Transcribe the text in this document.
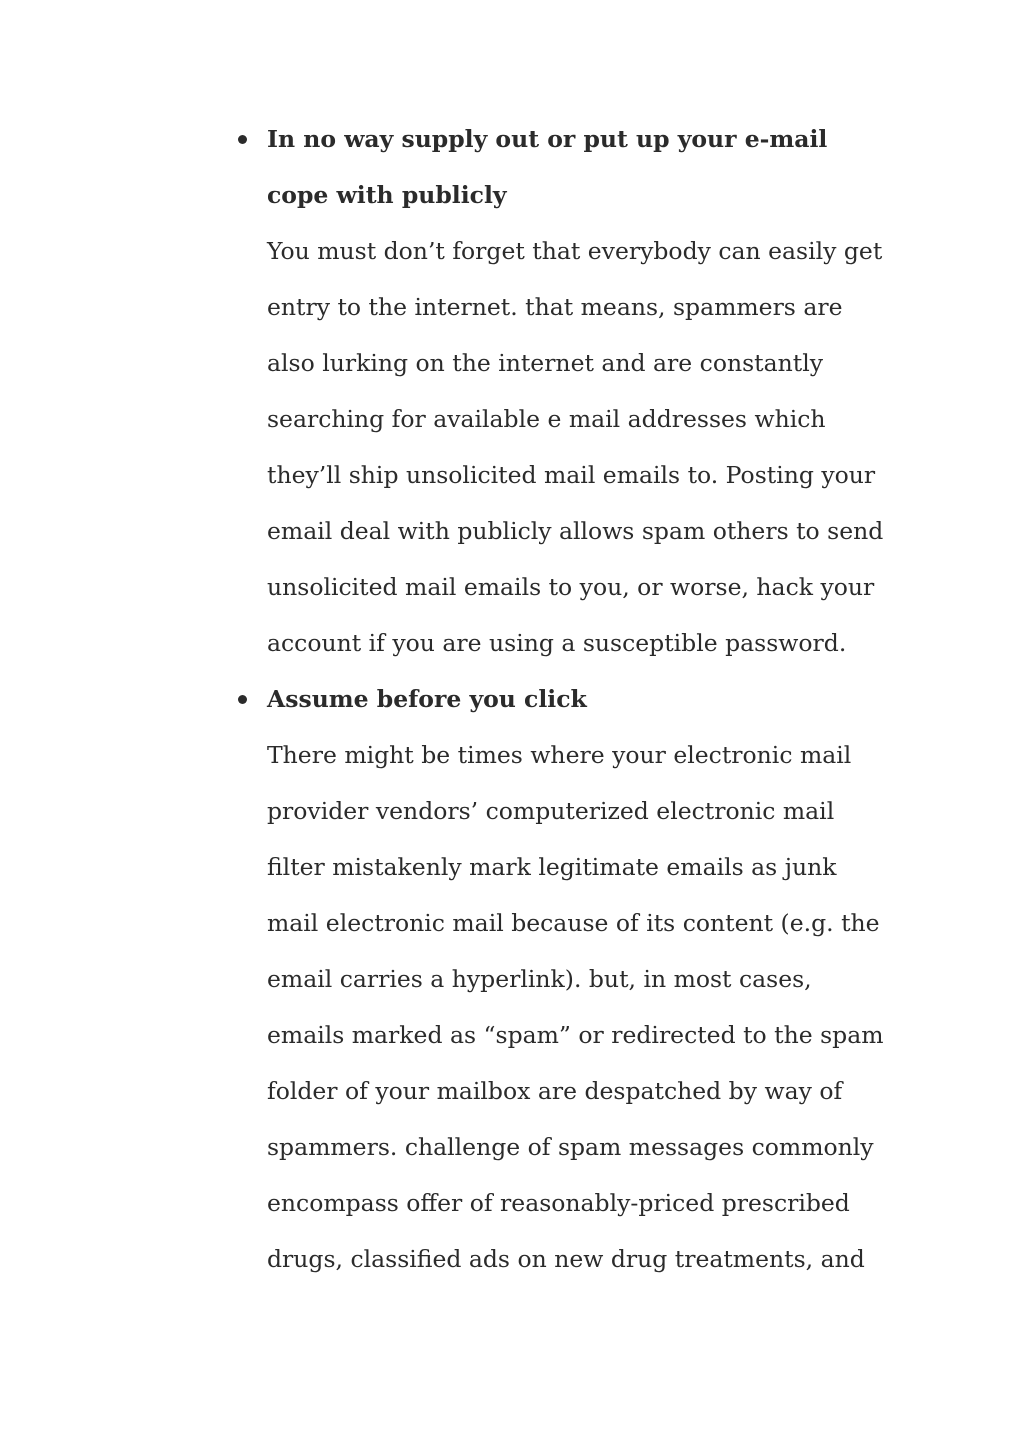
In no way supply out or put up your e-mail
cope with publicly
You must don’t forget that everybody can easily get
entry to the internet. that means, spammers are
also lurking on the internet and are constantly
searching for available e mail addresses which
they’ll ship unsolicited mail emails to. Posting your
email deal with publicly allows spam others to send
unsolicited mail emails to you, or worse, hack your
account if you are using a susceptible password.
Assume before you click
There might be times where your electronic mail
provider vendors’ computerized electronic mail
filter mistakenly mark legitimate emails as junk
mail electronic mail because of its content (e.g. the
email carries a hyperlink). but, in most cases,
emails marked as “spam” or redirected to the spam
folder of your mailbox are despatched by way of
spammers. challenge of spam messages commonly
encompass offer of reasonably-priced prescribed
drugs, classified ads on new drug treatments, and
